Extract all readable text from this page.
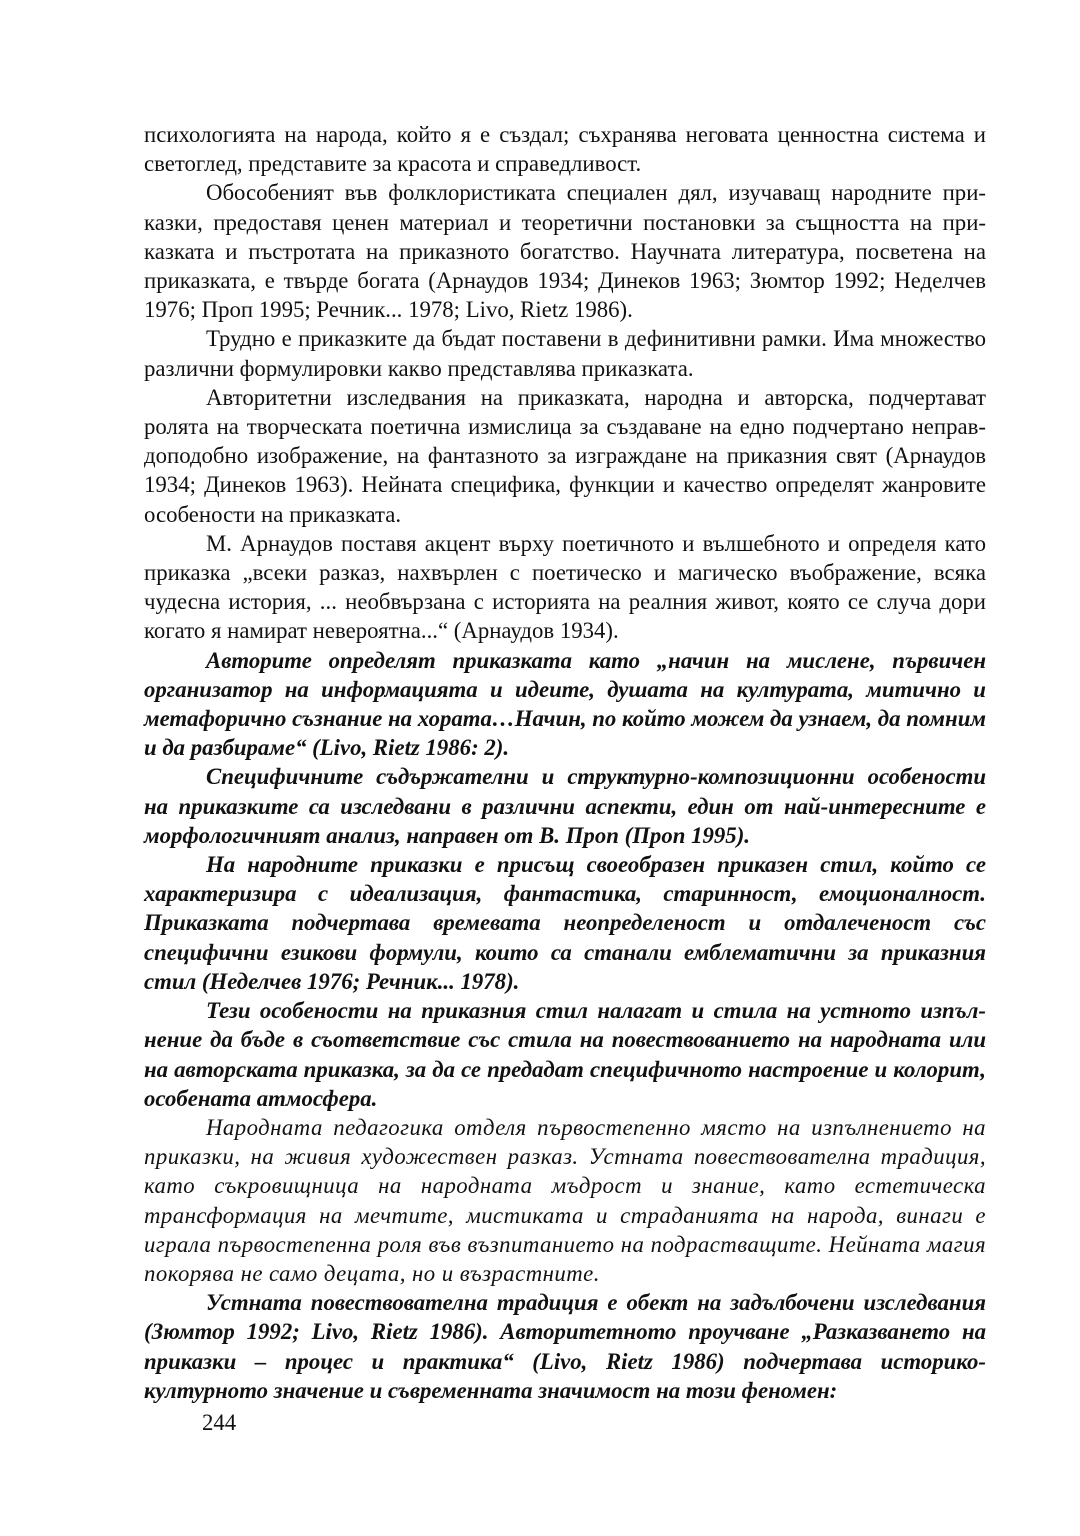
психологията на народа, който я е създал; съхранява неговата ценностна система и светоглед, представите за красота и справедливост.

Обособеният във фолклористиката специален дял, изучаващ народните приказки, предоставя ценен материал и теоретични постановки за същността на приказката и пъстротата на приказното богатство. Научната литература, посветена на приказката, е твърде богата (Арнаудов 1934; Динеков 1963; Зюмтор 1992; Неделчев 1976; Проп 1995; Речник... 1978; Livo, Rietz 1986).

Трудно е приказките да бъдат поставени в дефинитивни рамки. Има множество различни формулировки какво представлява приказката.

Авторитетни изследвания на приказката, народна и авторска, подчертават ролята на творческата поетична измислица за създаване на едно подчертано неправдоподобно изображение, на фантазното за изграждане на приказния свят (Арнаудов 1934; Динеков 1963). Нейната специфика, функции и качество определят жанровите особености на приказката.

М. Арнаудов поставя акцент върху поетичното и вълшебното и определя като приказка „всеки разказ, нахвърлен с поетическо и магическо въображение, всяка чудесна история, ... необвързана с историята на реалния живот, която се случа дори когато я намират невероятна...“ (Арнаудов 1934).

Авторите определят приказката като „начин на мислене, първичен организатор на информацията и идеите, душата на културата, митично и метафорично съзнание на хората…Начин, по който можем да узнаем, да помним и да разбираме“ (Livo, Rietz 1986: 2).

Специфичните съдържателни и структурно-композиционни особености на приказките са изследвани в различни аспекти, един от най-интересните е морфологичният анализ, направен от В. Проп (Проп 1995).

На народните приказки е присъщ своеобразен приказен стил, който се характеризира с идеализация, фантастика, старинност, емоционалност. Приказката подчертава времевата неопределеност и отдалеченост със специфични езикови формули, които са станали емблематични за приказния стил (Неделчев 1976; Речник... 1978).

Тези особености на приказния стил налагат и стила на устното изпълнение да бъде в съответствие със стила на повествованието на народната или на авторската приказка, за да се предадат специфичното настроение и колорит, особената атмосфера.

Народната педагогика отделя първостепенно място на изпълнението на приказки, на живия художествен разказ. Устната повествователна традиция, като съкровищница на народната мъдрост и знание, като естетическа трансформация на мечтите, мистиката и страданията на народа, винаги е играла първостепенна роля във възпитанието на подрастващите. Нейната магия покорява не само децата, но и възрастните.

Устната повествователна традиция е обект на задълбочени изследвания (Зюмтор 1992; Livo, Rietz 1986). Авторитетното проучване „Разказването на приказки – процес и практика“ (Livo, Rietz 1986) подчертава историко-културното значение и съвременната значимост на този феномен:

244
